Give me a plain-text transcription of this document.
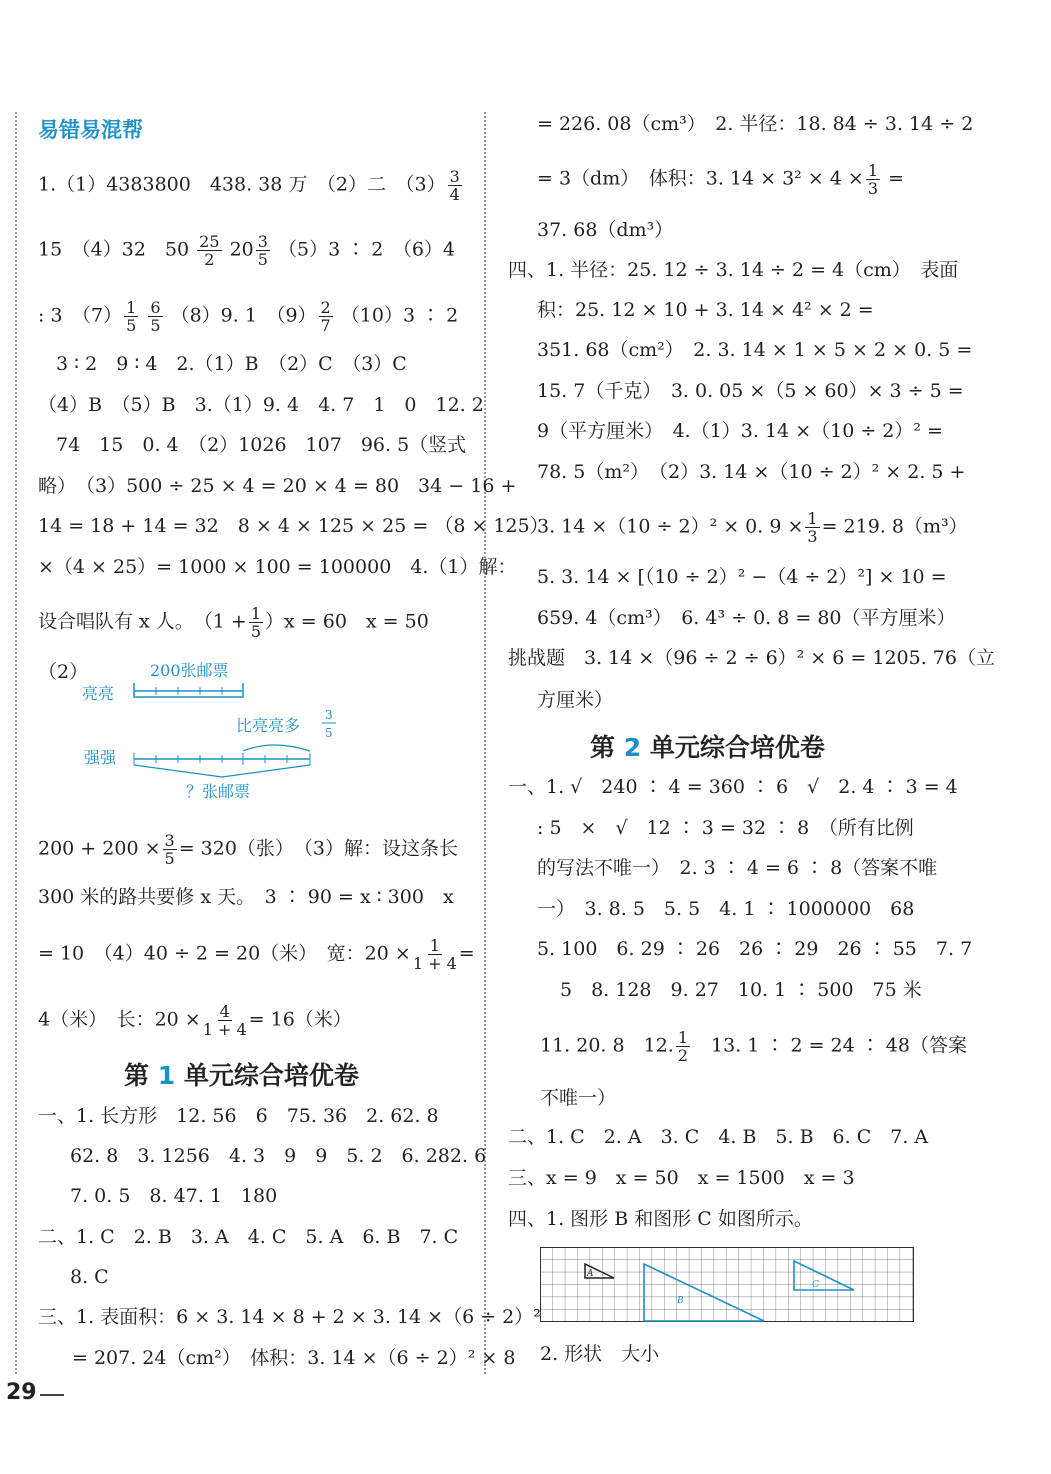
易错易混帮
1.（1）4383800　438. 38 万　（2）二　$(3) \frac{3}{4}$
15　（4）32　$50 \frac{25}{2} 20 \frac{3}{5} (5)3$ ∶ 2　（6）4
: 3　$(7) \frac{1}{5}$
$\frac{6}{5} (8)9$. 1　$(9) \frac{2}{7} (10)3$ ∶ 2
3 ∶ 2　9 ∶ 4　2.（1）B　（2）C　（3）C
（4）B　（5）B　3.（1）9. 4　4. 7　1　0　12. 2
74　15　0. 4　（2）1026　107　96. 5（竖式
略）　（3）500 ÷ 25 × 4 = 20 × 4 = 80　34 − 16 +
14 = 18 + 14 = 32　8 × 4 × 125 × 25 = （8 × 125）
×（4 × 25）= 1000 × 100 = 100000　4.（1）解：
设合唱队有 x 人。　$(1 + \frac{1}{5} )x = 60$　x = 50
（2）	200张邮票
亮亮
比亮亮多
3
5
强强
？张邮票
$200 + 200 \times \frac{3}{5} = 320$（张）　（3）解：设这条长
300 米的路共要修 x 天。　3 ∶ 90 = x ∶ 300　x
= 10　（4）40 ÷ 2 = 20（米）　宽：$20 \times \frac{1}{1 + 4}$ =
4（米）　长：$20 \times \frac{4}{1 + 4} = 16$（米）
第 1 单元综合培优卷
一、1. 长方形　12. 56　6　75. 36　2. 62. 8
62. 8　3. 1256　4. 3　9　9　5. 2　6. 282. 6
7. 0. 5　8. 47. 1　180
二、1. C　2. B　3. A　4. C　5. A　6. B　7. C
8. C
三、1. 表面积：6 × 3. 14 × 8 + 2 × 3. 14 ×（6 ÷ 2）²
= 207. 24（cm²）　体积：3. 14 ×（6 ÷ 2）² × 8
29
= 226. 08（cm³）　2. 半径：18. 84 ÷ 3. 14 ÷ 2
= 3（dm）　体积：3. $14 \times 3^2 \times 4 \times \frac{1}{3}$ =
37. 68（dm³）
四、1. 半径：25. 12 ÷ 3. 14 ÷ 2 = 4（cm）　表面
积：25. 12 × 10 + 3. 14 × 4² × 2 =
351. 68（cm²）　2. 3. 14 × 1 × 5 × 2 × 0. 5 =
15. 7（千克）　3. 0. 05 ×（5 × 60）× 3 ÷ 5 =
9（平方厘米）　4.（1）3. 14 ×（10 ÷ 2）² =
78. 5（m²）　（2）3. 14 ×（10 ÷ 2）² × 2. 5 +
3. 14 ×（10 ÷ 2）² × 0. $9 \times \frac{1}{3} = 219$. 8（m³）
5. 3. 14 × [（10 ÷ 2）² −（4 ÷ 2）²] × 10 =
659. 4（cm³）　6. 4³ ÷ 0. 8 = 80（平方厘米）
挑战题　3. 14 ×（96 ÷ 2 ÷ 6）² × 6 = 1205. 76（立
方厘米）
第 2 单元综合培优卷
一、1. √　240 ∶ 4 = 360 ∶ 6　√　2. 4 ∶ 3 = 4
: 5　×　√　12 ∶ 3 = 32 ∶ 8　（所有比例
的写法不唯一）　2. 3 ∶ 4 = 6 ∶ 8（答案不唯
一）　3. 8. 5　5. 5　4. 1 ∶ 1000000　68
5. 100　6. 29 ∶ 26　26 ∶ 29　26 ∶ 55　7. 7
5　8. 128　9. 27　10. 1 ∶ 500　75 米
11. 20. 8　12. $\frac{1}{2}$
　 13. 1 ∶ 2 = 24 ∶ 48（答案
不唯一）
二、1. C　2. A　3. C　4. B　5. B　6. C　7. A
三、x = 9　x = 50　x = 1500　x = 3
四、1. 图形 B 和图形 C 如图所示。
A
B
C
2. 形状　大小
